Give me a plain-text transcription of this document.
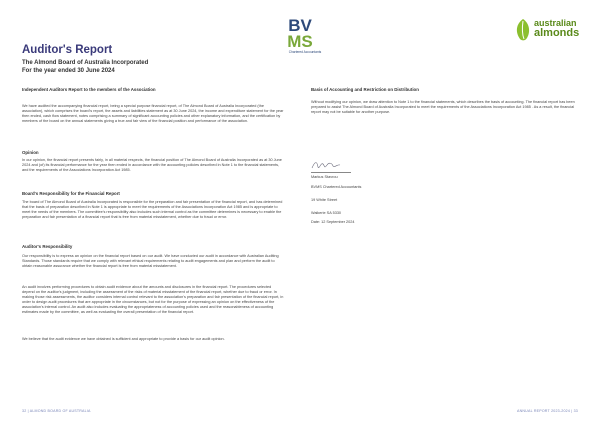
BV
MS
Chartered Accountants
australian
almonds
Auditor's Report
The Almond Board of Australia Incorporated
For the year ended 30 June 2024
Independent Auditors Report to the members of the Association
We have audited the accompanying financial report, being a special purpose financial report, of The Almond Board of Australia Incorporated (the association), which comprises the board's report, the assets and liabilities statement as at 30 June 2024, the income and expenditure statement for the year then ended, cash flow statement, notes comprising a summary of significant accounting policies and other explanatory information, and the certification by members of the board on the annual statements giving a true and fair view of the financial position and performance of the association.
Opinion
In our opinion, the financial report presents fairly, in all material respects, the financial position of The Almond Board of Australia Incorporated as at 30 June 2024 and (of) its financial performance for the year then ended in accordance with the accounting policies described in Note 1 to the financial statements, and the requirements of the Associations Incorporation Act 1985.
Board's Responsibility for the Financial Report
The board of The Almond Board of Australia Incorporated is responsible for the preparation and fair presentation of the financial report, and has determined that the basis of preparation described in Note 1 is appropriate to meet the requirements of the Associations Incorporation Act 1985 and is appropriate to meet the needs of the members. The committee's responsibility also includes such internal control as the committee determines is necessary to enable the preparation and fair presentation of a financial report that is free from material misstatement, whether due to fraud or error.
Auditor's Responsibility
Our responsibility is to express an opinion on the financial report based on our audit. We have conducted our audit in accordance with Australian Auditing Standards. Those standards require that we comply with relevant ethical requirements relating to audit engagements and plan and perform the audit to obtain reasonable assurance whether the financial report is free from material misstatement.
An audit involves performing procedures to obtain audit evidence about the amounts and disclosures in the financial report. The procedures selected depend on the auditor's judgment, including the assessment of the risks of material misstatement of the financial report, whether due to fraud or error. In making those risk assessments, the auditor considers internal control relevant to the association's preparation and fair presentation of the financial report, in order to design audit procedures that are appropriate in the circumstances, but not for the purpose of expressing an opinion on the effectiveness of the association's internal control. An audit also includes evaluating the appropriateness of accounting policies used and the reasonableness of accounting estimates made by the committee, as well as evaluating the overall presentation of the financial report.
We believe that the audit evidence we have obtained is sufficient and appropriate to provide a basis for our audit opinion.
Basis of Accounting and Restriction on Distribution
Without modifying our opinion, we draw attention to Note 1 to the financial statements, which describes the basis of accounting. The financial report has been prepared to assist The Almond Board of Australia Incorporated to meet the requirements of the Associations Incorporation Act 1985 . As a result, the financial report may not be suitable for another purpose.
Markus Stavrou
BVMS Chartered Accountants
19 White Street
Waikerie SA 5330
Date: 12 September 2024
32 | ALMOND BOARD OF AUSTRALIA	ANNUAL REPORT 2023-2024 | 33
